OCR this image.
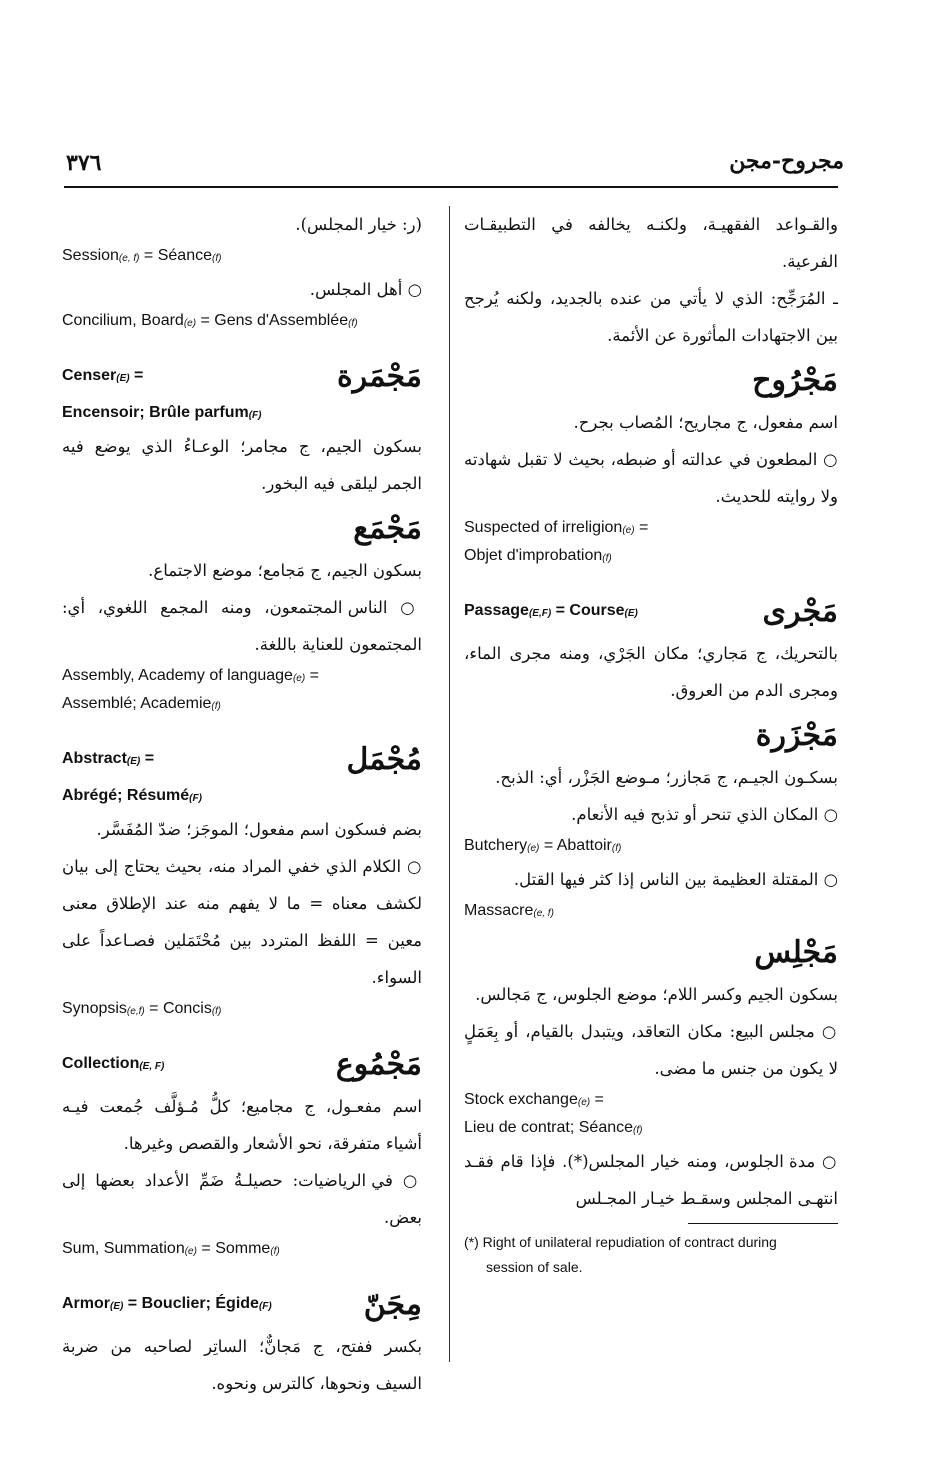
مجروح-مجن
٣٧٦

والقـواعد الفقهيـة، ولكنـه يخالفه في التطبيقـات الفرعية.

ـ المُرَجِّح: الذي لا يأتي من عنده بالجديد، ولكنه يُرجح بين الاجتهادات المأثورة عن الأئمة.

مَجْرُوح

اسم مفعول، ج مجاريح؛ المُصاب بجرح.

○ المطعون في عدالته أو ضبطه، بحيث لا تقبل شهادته ولا روايته للحديث.

Suspected of irreligion$_{(e)}$ =

Objet d'improbation$_{(f)}$

Passage$_{(E,F)}$ = Course$_{(E)}$	مَجْرى

بالتحريك، ج مَجاري؛ مكان الجَرْي، ومنه مجرى الماء، ومجرى الدم من العروق.

مَجْزَرة

بسكـون الجيـم، ج مَجازر؛ مـوضع الجَزْر، أي: الذبح.

○ المكان الذي تنحر أو تذبح فيه الأنعام.

Butchery$_{(e)}$ = Abattoir$_{(f)}$

○ المقتلة العظيمة بين الناس إذا كثر فيها القتل.

Massacre$_{(e, f)}$

مَجْلِس

بسكون الجيم وكسر اللام؛ موضع الجلوس، ج مَجالس.

○ مجلس البيع: مكان التعاقد، ويتبدل بالقيام، أو بِعَمَلٍ لا يكون من جنس ما مضى.

Stock exchange$_{(e)}$ =

Lieu de contrat; Séance$_{(f)}$

○ مدة الجلوس، ومنه خيار المجلس(*). فإذا قام فقـد انتهـى المجلس وسقـط خيـار المجـلس

(*) Right of unilateral repudiation of contract during
session of sale.

(ر: خيار المجلس).

Session$_{(e, f)}$ = Séance$_{(f)}$

○ أهل المجلس.

Concilium, Board$_{(e)}$ = Gens d'Assemblée$_{(f)}$

Censer$_{(E)}$ =	مَجْمَرة

Encensoir; Brûle parfum$_{(F)}$

بسكون الجيم، ج مجامر؛ الوعـاءُ الذي يوضع فيه الجمر ليلقى فيه البخور.

مَجْمَع

بسكون الجيم، ج مَجامع؛ موضع الاجتماع.

○ الناس المجتمعون، ومنه المجمع اللغوي، أي: المجتمعون للعناية باللغة.

Assembly, Academy of language$_{(e)}$ =

Assemblé; Academie$_{(f)}$

Abstract$_{(E)}$ =	مُجْمَل

Abrégé; Résumé$_{(F)}$

بضم فسكون اسم مفعول؛ الموجَز؛ ضدّ المُفَسَّر.

○ الكلام الذي خفي المراد منه، بحيث يحتاج إلى بيان لكشف معناه = ما لا يفهم منه عند الإطلاق معنى معين = اللفظ المتردد بين مُحْتَمَلين فصـاعداً على السواء.

Synopsis$_{(e,f)}$ = Concis$_{(f)}$

Collection$_{(E, F)}$	مَجْمُوع

اسم مفعـول، ج مجاميع؛ كلُّ مُـؤلَّف جُمعت فيـه أشياء متفرقة، نحو الأشعار والقصص وغيرها.

○ في الرياضيات: حصيلـةُ ضَمِّ الأعداد بعضها إلى بعض.

Sum, Summation$_{(e)}$ = Somme$_{(f)}$

Armor$_{(E)}$ = Bouclier; Égide$_{(F)}$	مِجَنّ

بكسر ففتح، ج مَجانٌّ؛ الساتِر لصاحبه من ضربة السيف ونحوها، كالترس ونحوه.
